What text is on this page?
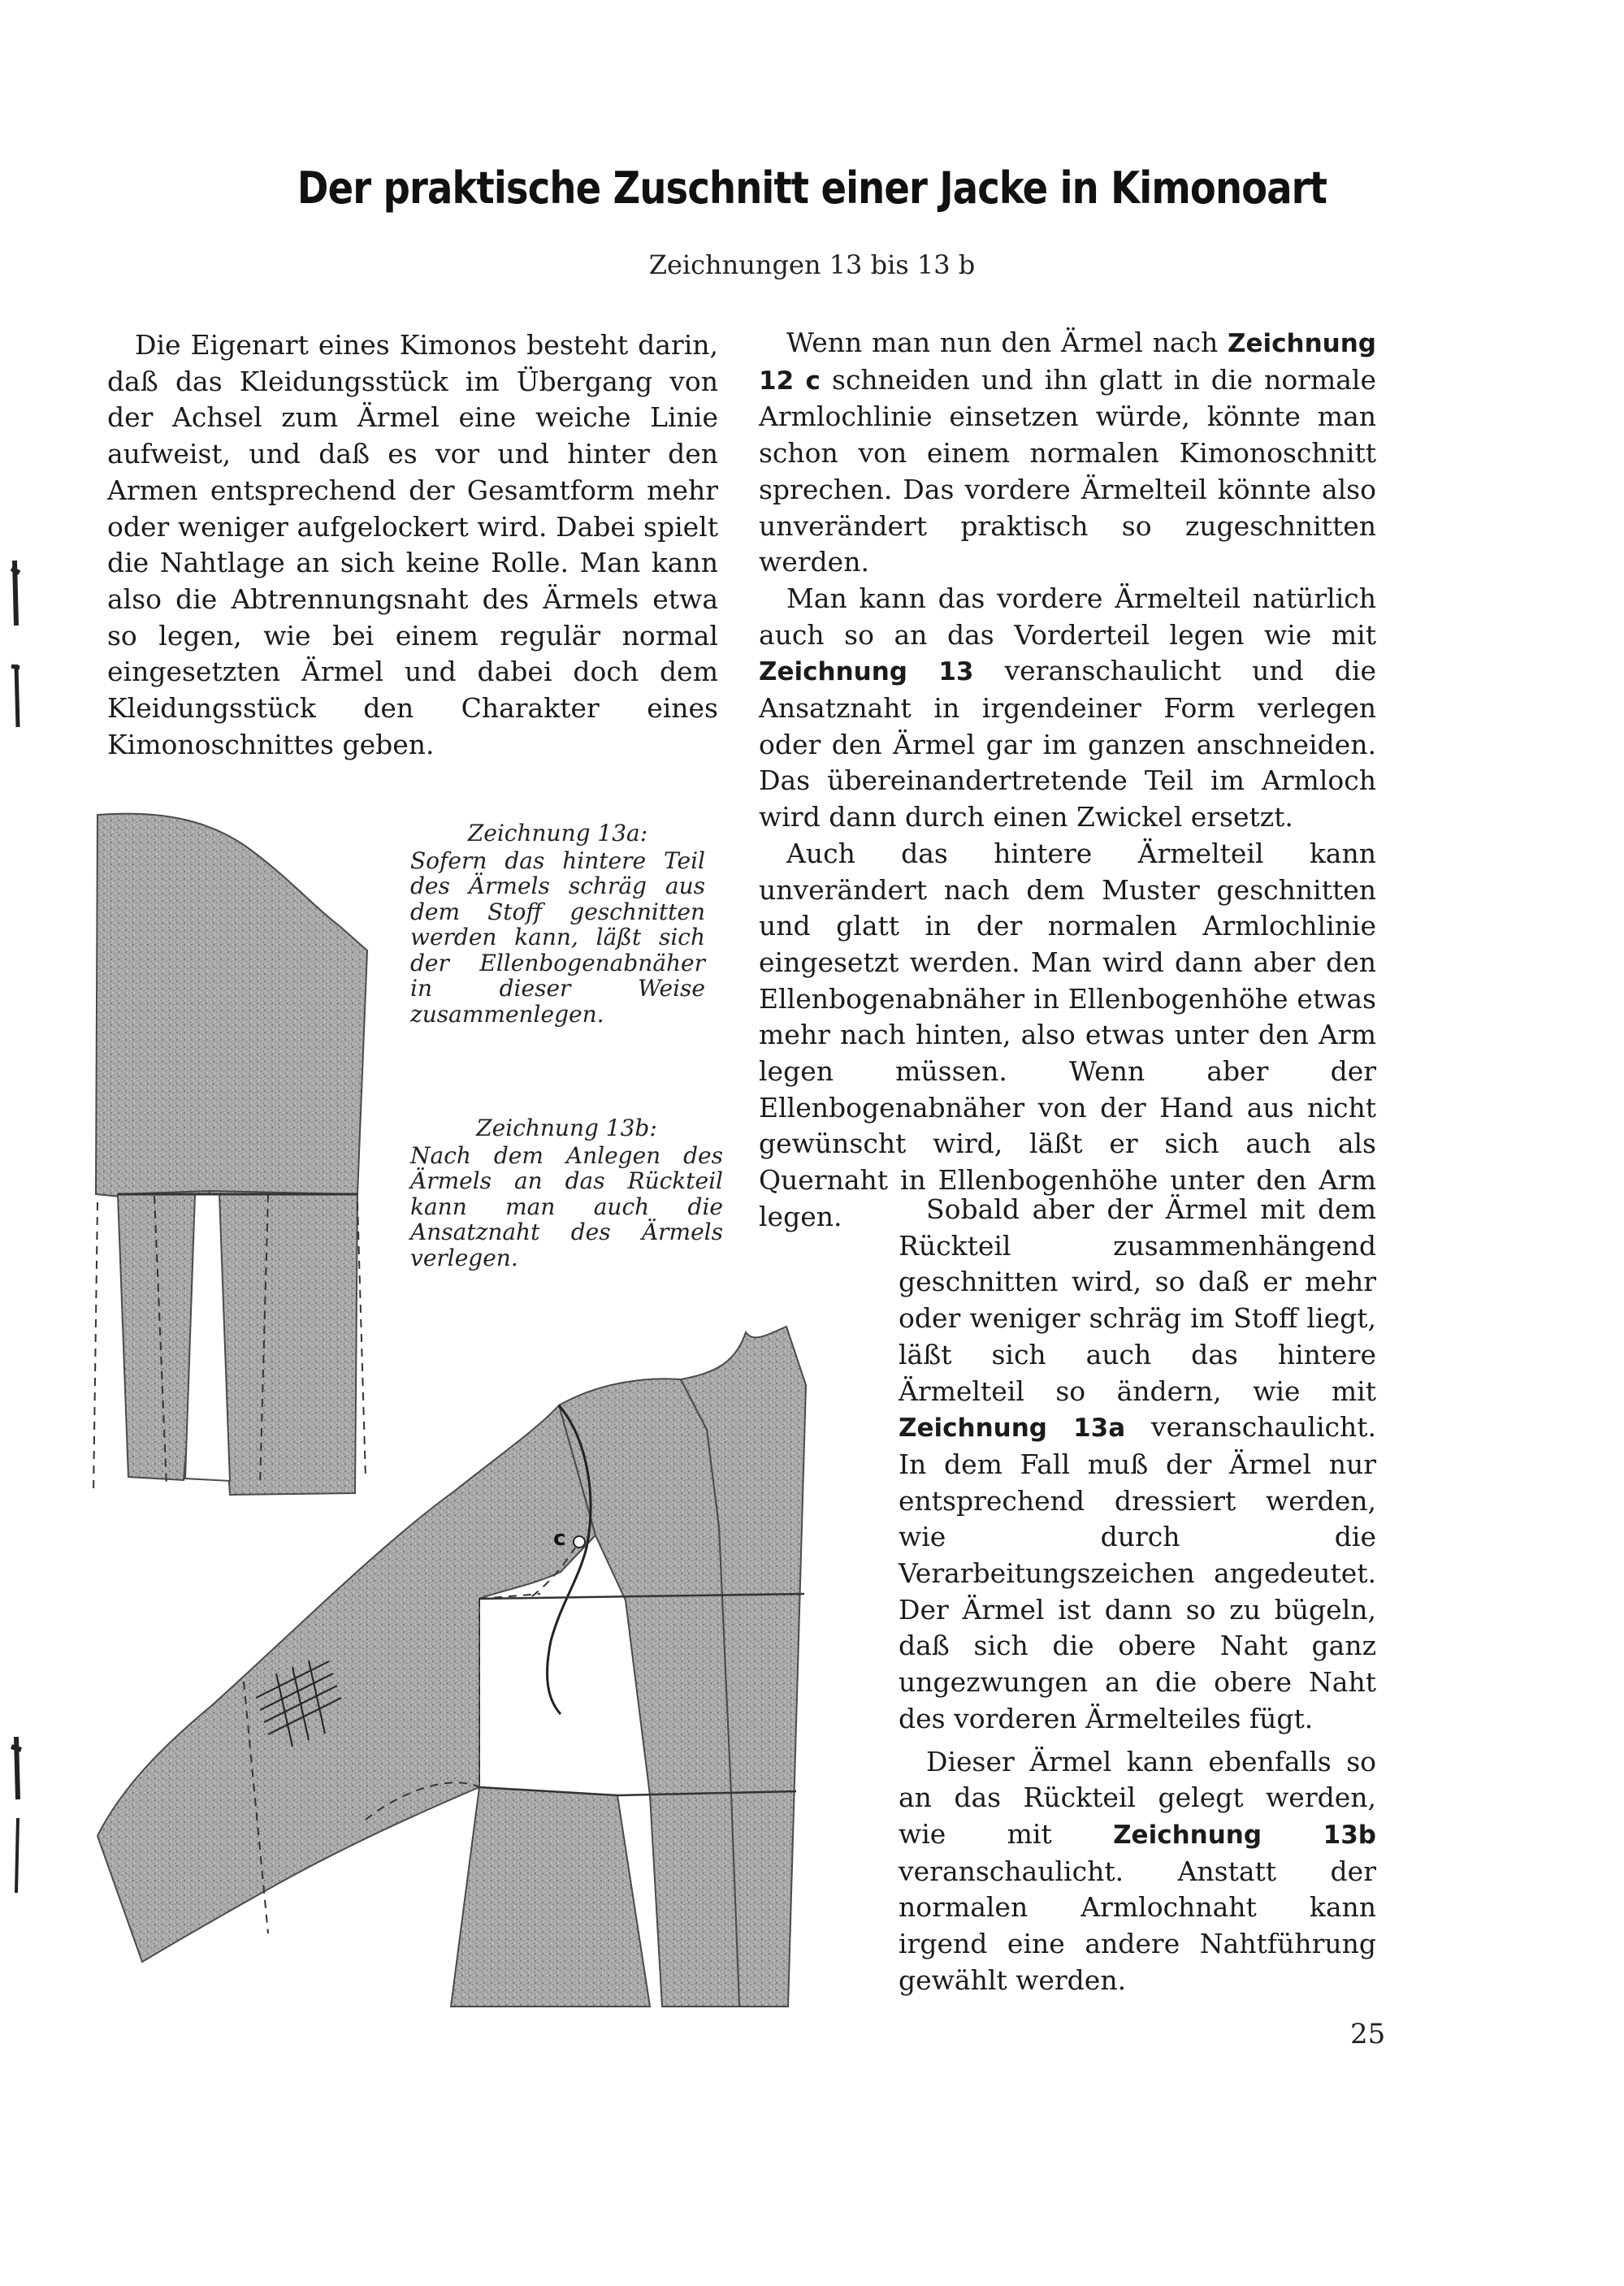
Der praktische Zuschnitt einer Jacke in Kimonoart
Zeichnungen 13 bis 13 b

Die Eigenart eines Kimonos besteht darin, daß das Kleidungsstück im Übergang von der Achsel zum Ärmel eine weiche Linie aufweist, und daß es vor und hinter den Armen entsprechend der Gesamtform mehr oder weniger aufgelockert wird. Dabei spielt die Nahtlage an sich keine Rolle. Man kann also die Abtrennungsnaht des Ärmels etwa so legen, wie bei einem regulär normal eingesetzten Ärmel und dabei doch dem Kleidungsstück den Charakter eines Kimonoschnittes geben.

Wenn man nun den Ärmel nach Zeichnung 12 c schneiden und ihn glatt in die normale Armlochlinie einsetzen würde, könnte man schon von einem normalen Kimonoschnitt sprechen. Das vordere Ärmelteil könnte also unverändert praktisch so zugeschnitten werden.

Man kann das vordere Ärmelteil natürlich auch so an das Vorderteil legen wie mit Zeichnung 13 veranschaulicht und die Ansatznaht in irgendeiner Form verlegen oder den Ärmel gar im ganzen anschneiden. Das übereinandertretende Teil im Armloch wird dann durch einen Zwickel ersetzt.

Auch das hintere Ärmelteil kann unverändert nach dem Muster geschnitten und glatt in der normalen Armlochlinie eingesetzt werden. Man wird dann aber den Ellenbogenabnäher in Ellenbogenhöhe etwas mehr nach hinten, also etwas unter den Arm legen müssen. Wenn aber der Ellenbogenabnäher von der Hand aus nicht gewünscht wird, läßt er sich auch als Quernaht in Ellenbogenhöhe unter den Arm legen.	Sobald aber der Ärmel mit dem Rückteil zusammenhängend geschnitten wird, so daß er mehr oder weniger schräg im Stoff liegt, läßt sich auch das hintere Ärmelteil so ändern, wie mit Zeichnung 13a veranschaulicht. In dem Fall muß der Ärmel nur entsprechend dressiert werden, wie durch die Verarbeitungszeichen angedeutet. Der Ärmel ist dann so zu bügeln, daß sich die obere Naht ganz ungezwungen an die obere Naht des vorderen Ärmelteiles fügt.

Dieser Ärmel kann ebenfalls so an das Rückteil gelegt werden, wie mit Zeichnung 13b veranschaulicht. Anstatt der normalen Armlochnaht kann irgend eine andere Nahtführung gewählt werden.

Zeichnung 13a:
Sofern das hintere Teil des Ärmels schräg aus dem Stoff geschnitten werden kann, läßt sich der Ellenbogenabnäher in dieser Weise zusammenlegen.
Zeichnung 13b:
Nach dem Anlegen des Ärmels an das Rückteil kann man auch die Ansatznaht des Ärmels verlegen.
c
25
